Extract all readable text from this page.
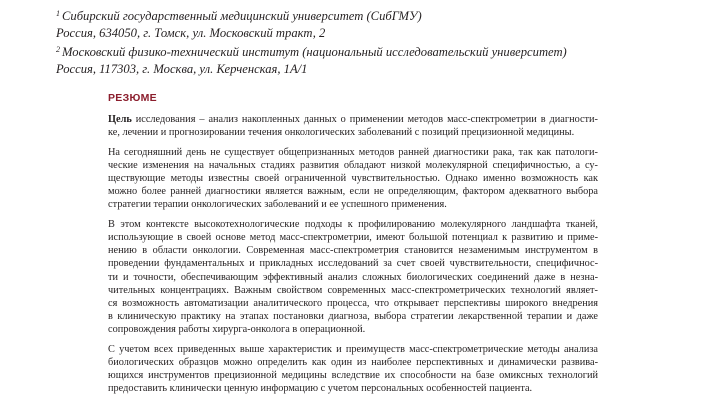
$^1$ Сибирский государственный медицинский университет (СибГМУ)
Россия, 634050, г. Томск, ул. Московский тракт, 2
$^2$ Московский физико-технический институт (национальный исследовательский университет)
Россия, 117303, г. Москва, ул. Керченская, 1А/1
РЕЗЮМЕ

Цель исследования – анализ накопленных данных о применении методов масс-спектрометрии в диагности-
ке, лечении и прогнозировании течения онкологических заболеваний с позиций прецизионной медицины.

На сегодняшний день не существует общепризнанных методов ранней диагностики рака, так как патологи-
ческие изменения на начальных стадиях развития обладают низкой молекулярной специфичностью, а су-
ществующие методы известны своей ограниченной чувствительностью. Однако именно возможность как
можно более ранней диагностики является важным, если не определяющим, фактором адекватного выбора
стратегии терапии онкологических заболеваний и ее успешного применения.

В этом контексте высокотехнологические подходы к профилированию молекулярного ландшафта тканей,
использующие в своей основе метод масс-спектрометрии, имеют большой потенциал к развитию и приме-
нению в области онкологии. Современная масс-спектрометрия становится незаменимым инструментом в
проведении фундаментальных и прикладных исследований за счет своей чувствительности, специфичнос-
ти и точности, обеспечивающим эффективный анализ сложных биологических соединений даже в незна-
чительных концентрациях. Важным свойством современных масс-спектрометрических технологий являет-
ся возможность автоматизации аналитического процесса, что открывает перспективы широкого внедрения
в клиническую практику на этапах постановки диагноза, выбора стратегии лекарственной терапии и даже
сопровождения работы хирурга-онколога в операционной.

С учетом всех приведенных выше характеристик и преимуществ масс-спектрометрические методы анализа
биологических образцов можно определить как один из наиболее перспективных и динамически развива-
ющихся инструментов прецизионной медицины вследствие их способности на базе омиксных технологий
предоставить клинически ценную информацию с учетом персональных особенностей пациента.
